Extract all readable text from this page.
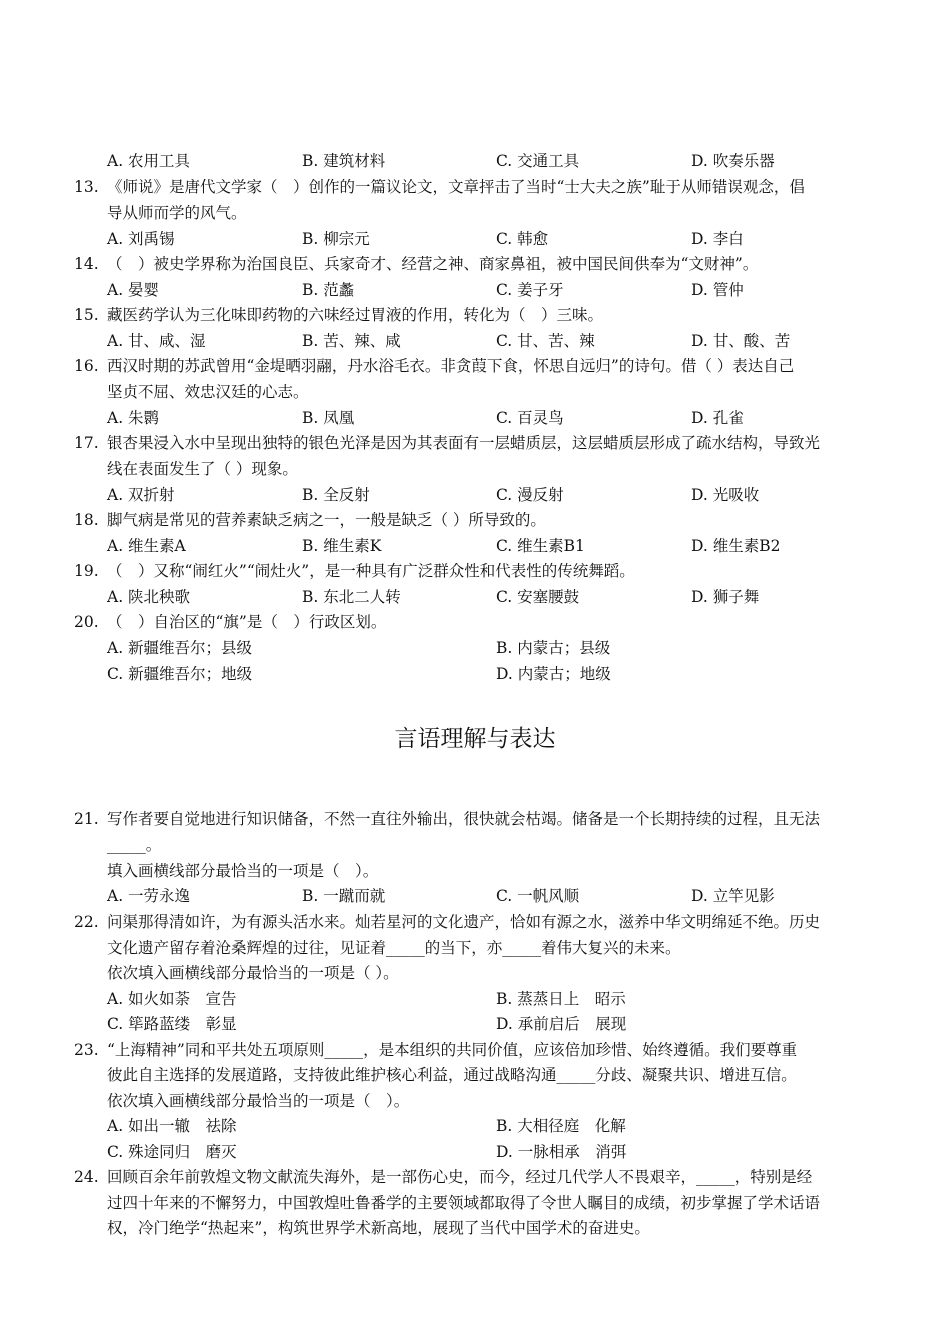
A. 农用工具	B. 建筑材料	C. 交通工具	D. 吹奏乐器
13. 《师说》是唐代文学家（　）创作的一篇议论文，文章抨击了当时“士大夫之族”耻于从师错误观念，倡
导从师而学的风气。
A. 刘禹锡	B. 柳宗元	C. 韩愈	D. 李白
14. （　）被史学界称为治国良臣、兵家奇才、经营之神、商家鼻祖，被中国民间供奉为“文财神”。
A. 晏婴	B. 范蠡	C. 姜子牙	D. 管仲
15. 藏医药学认为三化味即药物的六味经过胃液的作用，转化为（　）三味。
A. 甘、咸、湿	B. 苦、辣、咸	C. 甘、苦、辣	D. 甘、酸、苦
16. 西汉时期的苏武曾用“金堤晒羽翮，丹水浴毛衣。非贪葭下食，怀思自远归”的诗句。借（ ）表达自己
坚贞不屈、效忠汉廷的心志。
A. 朱鹮	B. 凤凰	C. 百灵鸟	D. 孔雀
17. 银杏果浸入水中呈现出独特的银色光泽是因为其表面有一层蜡质层，这层蜡质层形成了疏水结构，导致光
线在表面发生了（ ）现象。
A. 双折射	B. 全反射	C. 漫反射	D. 光吸收
18. 脚气病是常见的营养素缺乏病之一，一般是缺乏（ ）所导致的。
A. 维生素A	B. 维生素K	C. 维生素B1	D. 维生素B2
19. （　）又称“闹红火”“闹灶火”，是一种具有广泛群众性和代表性的传统舞蹈。
A. 陕北秧歌	B. 东北二人转	C. 安塞腰鼓	D. 狮子舞
20. （　）自治区的“旗”是（　）行政区划。
A. 新疆维吾尔；县级	B. 内蒙古；县级
C. 新疆维吾尔；地级	D. 内蒙古；地级
言语理解与表达
21. 写作者要自觉地进行知识储备，不然一直往外输出，很快就会枯竭。储备是一个长期持续的过程，且无法
_____。
填入画横线部分最恰当的一项是（　）。
A. 一劳永逸	B. 一蹴而就	C. 一帆风顺	D. 立竿见影
22. 问渠那得清如许，为有源头活水来。灿若星河的文化遗产，恰如有源之水，滋养中华文明绵延不绝。历史
文化遗产留存着沧桑辉煌的过往，见证着_____的当下，亦_____着伟大复兴的未来。
依次填入画横线部分最恰当的一项是（ ）。
A. 如火如荼　宣告	B. 蒸蒸日上　昭示
C. 筚路蓝缕　彰显	D. 承前启后　展现
23. “上海精神”同和平共处五项原则_____，是本组织的共同价值，应该倍加珍惜、始终遵循。我们要尊重
彼此自主选择的发展道路，支持彼此维护核心利益，通过战略沟通_____分歧、凝聚共识、增进互信。
依次填入画横线部分最恰当的一项是（　）。
A. 如出一辙　祛除	B. 大相径庭　化解
C. 殊途同归　磨灭	D. 一脉相承　消弭
24. 回顾百余年前敦煌文物文献流失海外，是一部伤心史，而今，经过几代学人不畏艰辛，_____，特别是经
过四十年来的不懈努力，中国敦煌吐鲁番学的主要领域都取得了令世人瞩目的成绩，初步掌握了学术话语
权，冷门绝学“热起来”，构筑世界学术新高地，展现了当代中国学术的奋进史。
